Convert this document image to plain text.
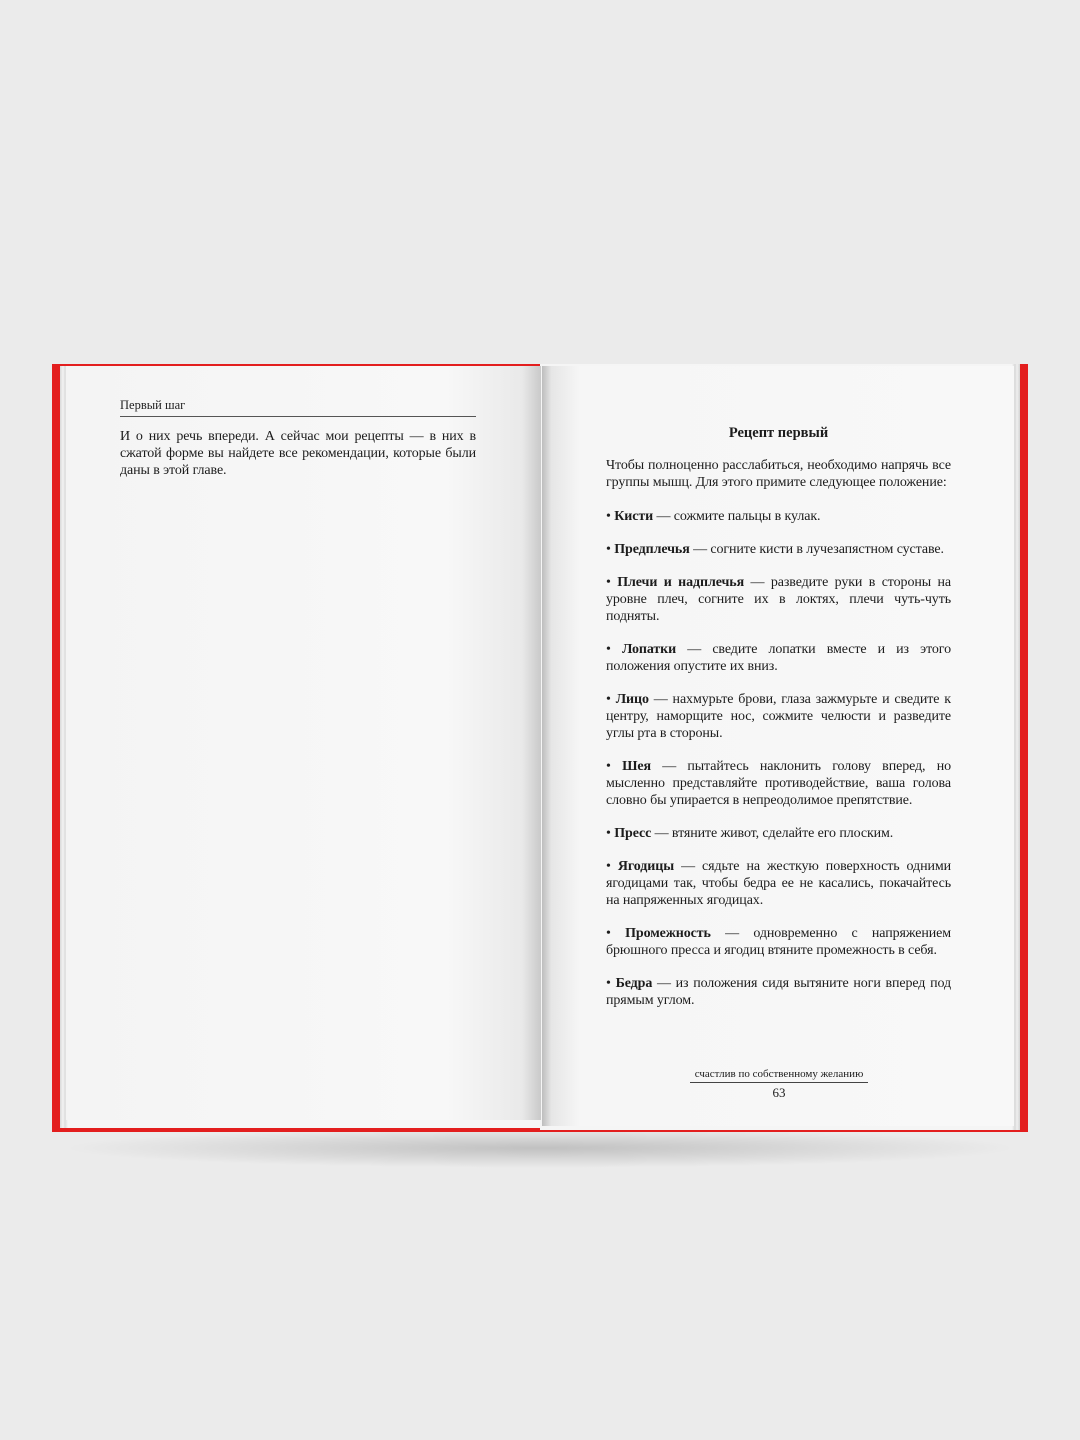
Первый шаг

И о них речь впереди. А сейчас мои рецепты — в них в сжатой форме вы найдете все рекомендации, которые были даны в этой главе.

Рецепт первый

Чтобы полноценно расслабиться, необходимо напрячь все группы мышц. Для этого примите следующее положение:

• Кисти — сожмите пальцы в кулак.

• Предплечья — согните кисти в лучезапястном суставе.

• Плечи и надплечья — разведите руки в стороны на уровне плеч, согните их в локтях, плечи чуть-чуть подняты.

• Лопатки — сведите лопатки вместе и из этого положения опустите их вниз.

• Лицо — нахмурьте брови, глаза зажмурьте и сведите к центру, наморщите нос, сожмите челюсти и разведите углы рта в стороны.

• Шея — пытайтесь наклонить голову вперед, но мысленно представляйте противодействие, ваша голова словно бы упирается в непреодолимое препятствие.

• Пресс — втяните живот, сделайте его плоским.

• Ягодицы — сядьте на жесткую поверхность одними ягодицами так, чтобы бедра ее не касались, покачайтесь на напряженных ягодицах.

• Промежность — одновременно с напряжением брюшного пресса и ягодиц втяните промежность в себя.

• Бедра — из положения сидя вытяните ноги вперед под прямым углом.

счастлив по собственному желанию
63
